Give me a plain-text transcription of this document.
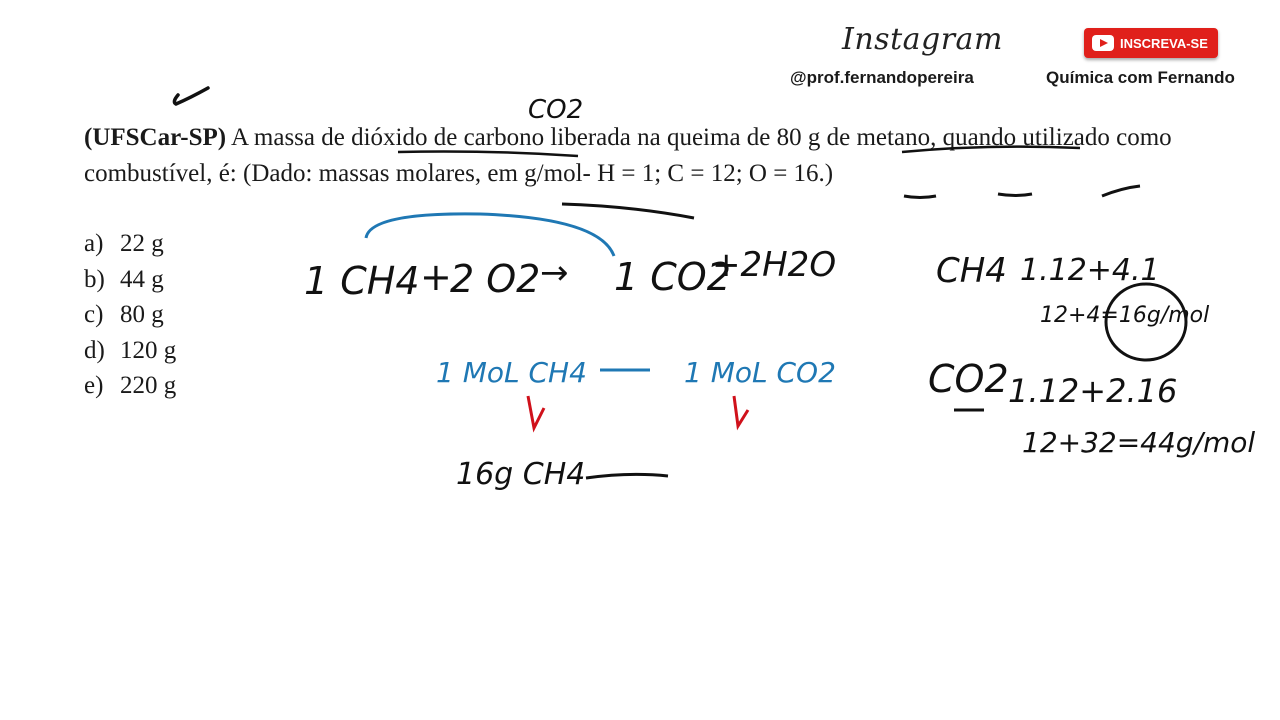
Instagram	INSCREVA-SE
@prof.fernandopereira	Química com Fernando
(UFSCar-SP) A massa de dióxido de carbono liberada na queima de 80 g de metano, quando utilizado como combustível, é: (Dado: massas molares, em g/mol- H = 1; C = 12; O = 16.)
a) 22 g
b) 44 g
c) 80 g
d) 120 g
e) 220 g
CO2
1 CH4 +
2 O2 → 1 CO2
+2H2O
1 MoL CH4	1 MoL CO2
16g CH4
CH4 1.12+4.1
12+4=16g/mol
CO2 1.12+2.16
12+32=44g/mol
